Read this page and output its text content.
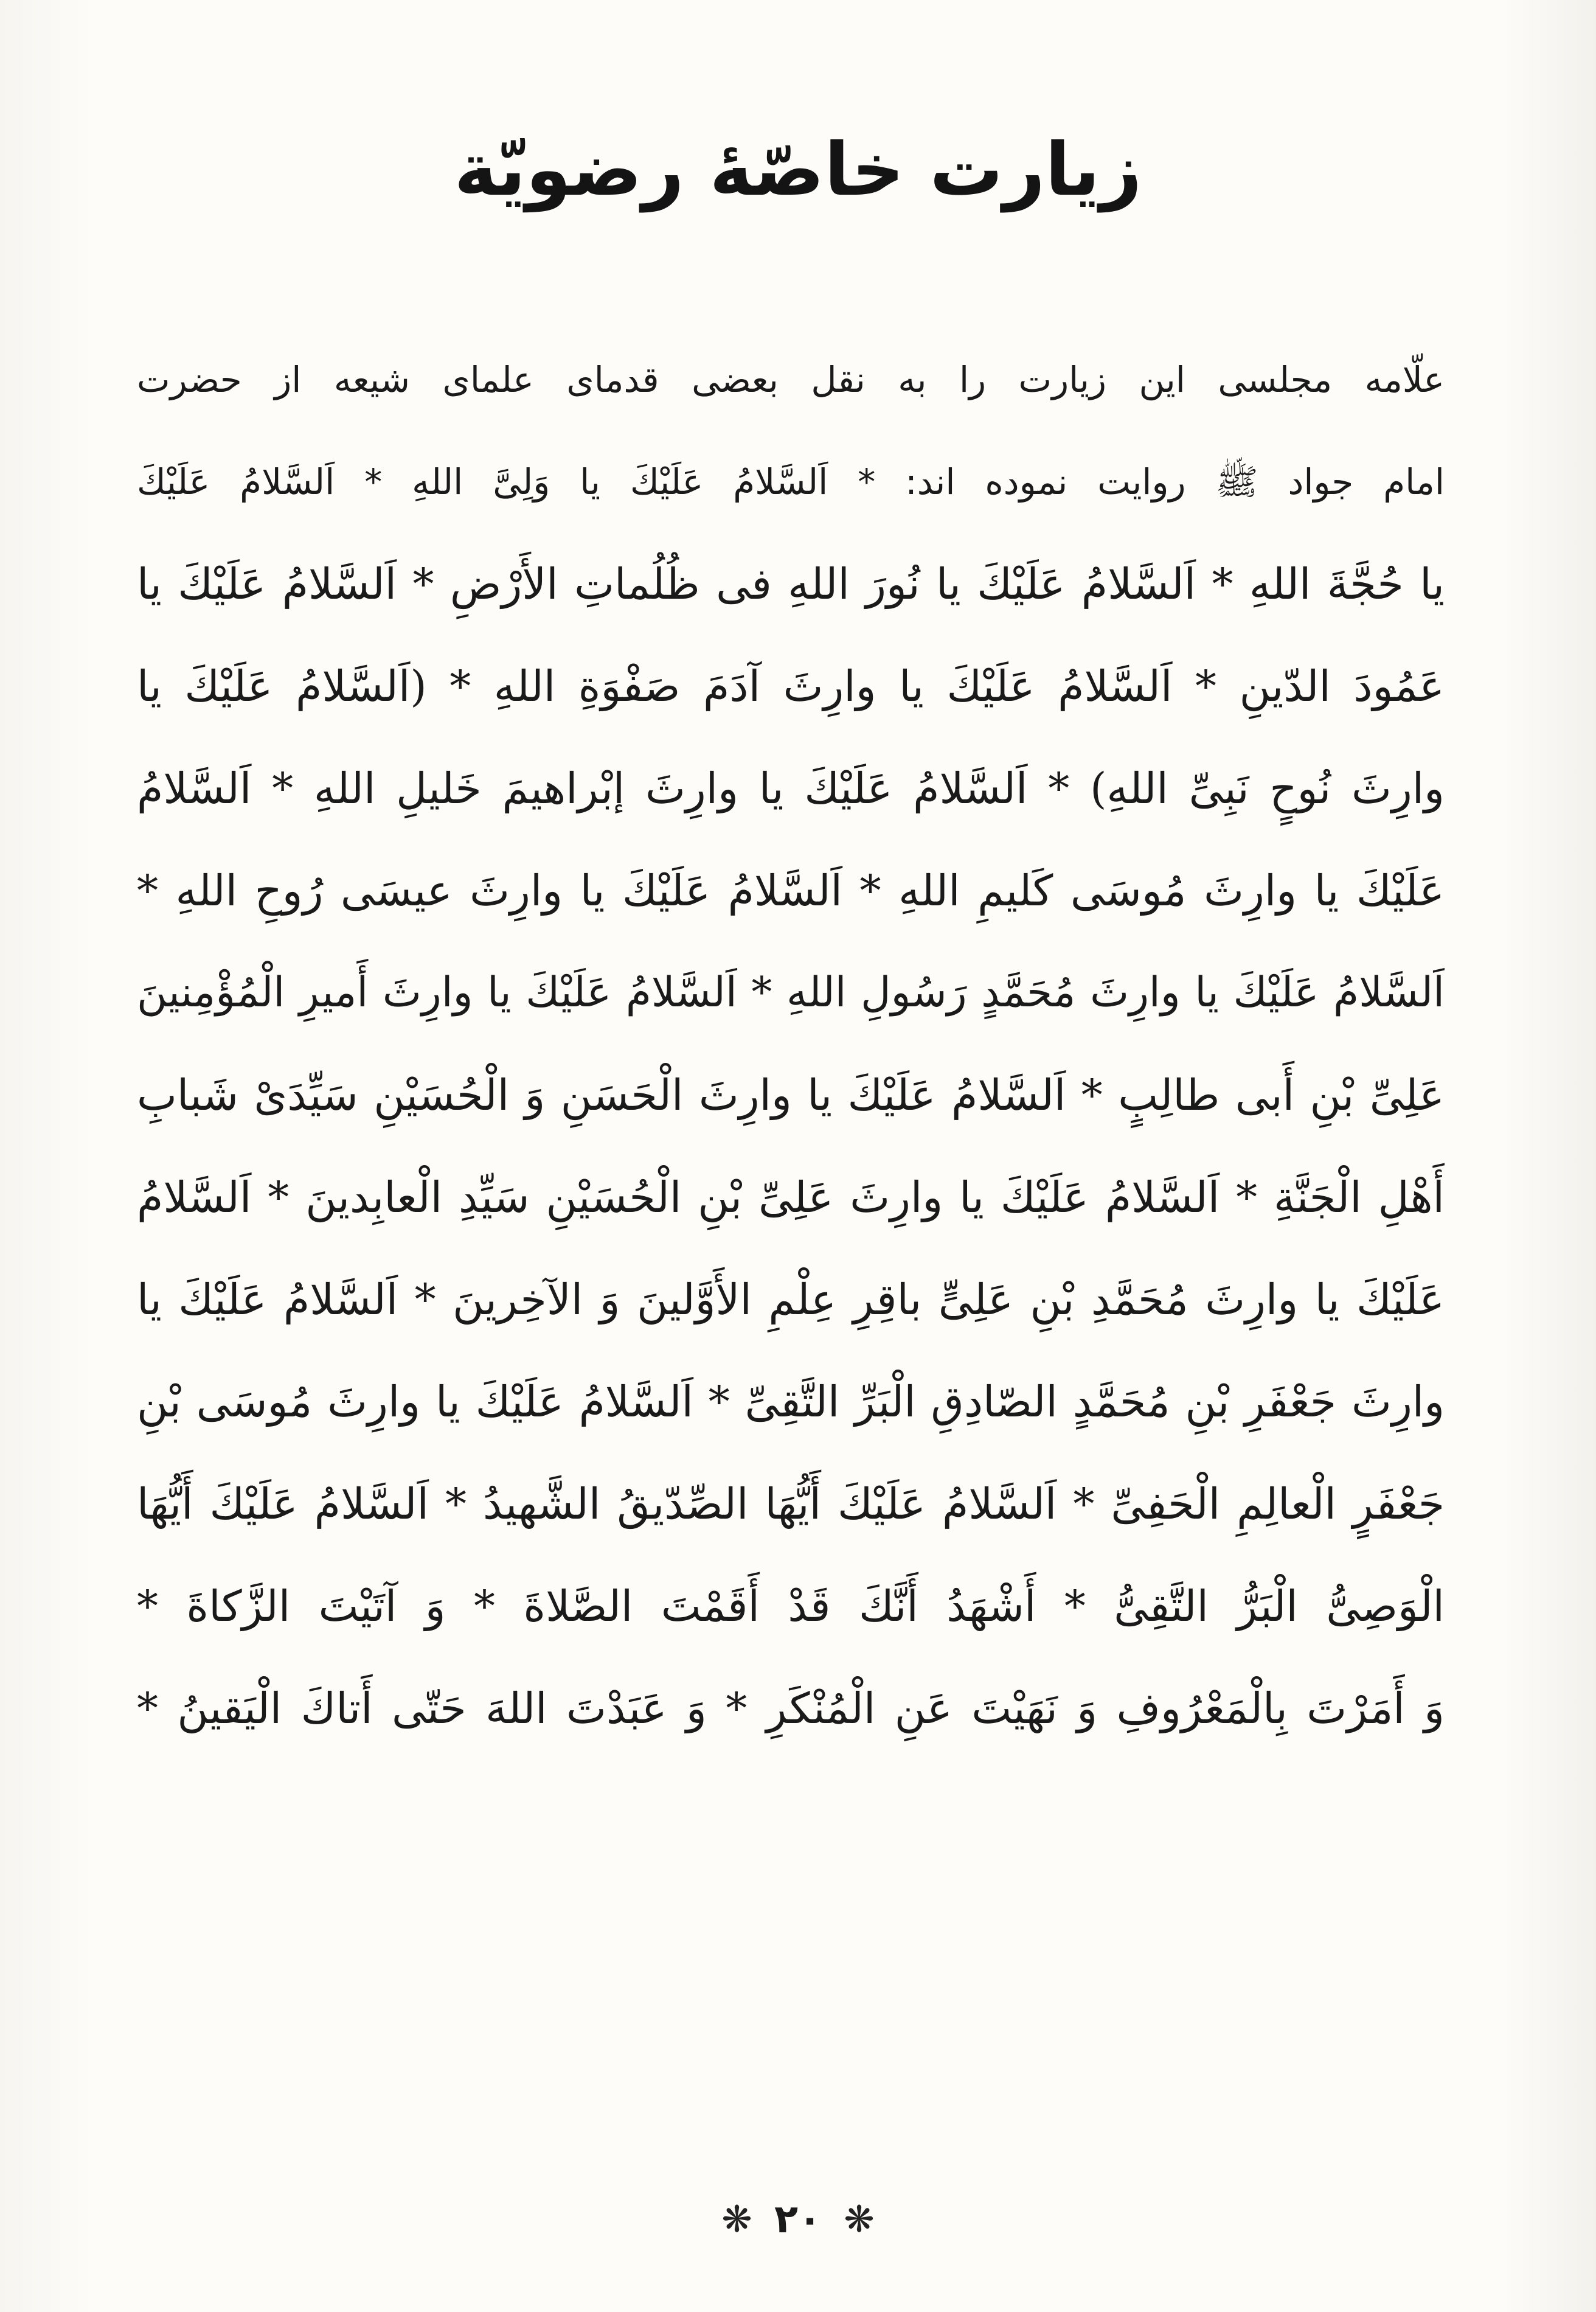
زیارت خاصّهٔ رضویّة
علّامه مجلسی این زیارت را به نقل بعضی قدمای علمای شیعه از حضرت
امام جواد ﷺ روایت نموده اند: * اَلسَّلامُ عَلَیْكَ یا وَلِیَّ اللهِ * اَلسَّلامُ عَلَیْكَ
یا حُجَّةَ اللهِ * اَلسَّلامُ عَلَیْكَ یا نُورَ اللهِ فی ظُلُماتِ الأَرْضِ * اَلسَّلامُ عَلَیْكَ یا
عَمُودَ الدّینِ * اَلسَّلامُ عَلَیْكَ یا وارِثَ آدَمَ صَفْوَةِ اللهِ * (اَلسَّلامُ عَلَیْكَ یا
وارِثَ نُوحٍ نَبِیِّ اللهِ) * اَلسَّلامُ عَلَیْكَ یا وارِثَ إبْراهیمَ خَلیلِ اللهِ * اَلسَّلامُ
عَلَیْكَ یا وارِثَ مُوسَی كَلیمِ اللهِ * اَلسَّلامُ عَلَیْكَ یا وارِثَ عیسَی رُوحِ اللهِ *
اَلسَّلامُ عَلَیْكَ یا وارِثَ مُحَمَّدٍ رَسُولِ اللهِ * اَلسَّلامُ عَلَیْكَ یا وارِثَ أَمیرِ الْمُؤْمِنینَ
عَلِیِّ بْنِ أَبی طالِبٍ * اَلسَّلامُ عَلَیْكَ یا وارِثَ الْحَسَنِ وَ الْحُسَیْنِ سَیِّدَیْ شَبابِ
أَهْلِ الْجَنَّةِ * اَلسَّلامُ عَلَیْكَ یا وارِثَ عَلِیِّ بْنِ الْحُسَیْنِ سَیِّدِ الْعابِدینَ * اَلسَّلامُ
عَلَیْكَ یا وارِثَ مُحَمَّدِ بْنِ عَلِیٍّ باقِرِ عِلْمِ الأَوَّلینَ وَ الآخِرینَ * اَلسَّلامُ عَلَیْكَ یا
وارِثَ جَعْفَرِ بْنِ مُحَمَّدٍ الصّادِقِ الْبَرِّ التَّقِیِّ * اَلسَّلامُ عَلَیْكَ یا وارِثَ مُوسَی بْنِ
جَعْفَرٍ الْعالِمِ الْحَفِیِّ * اَلسَّلامُ عَلَیْكَ أَیُّهَا الصِّدّیقُ الشَّهیدُ * اَلسَّلامُ عَلَیْكَ أَیُّهَا
الْوَصِیُّ الْبَرُّ التَّقِیُّ * أَشْهَدُ أَنَّكَ قَدْ أَقَمْتَ الصَّلاةَ * وَ آتَیْتَ الزَّكاةَ *
وَ أَمَرْتَ بِالْمَعْرُوفِ وَ نَهَیْتَ عَنِ الْمُنْكَرِ * وَ عَبَدْتَ اللهَ حَتّی أَتاكَ الْیَقینُ *
❋ ۲۰ ❋
